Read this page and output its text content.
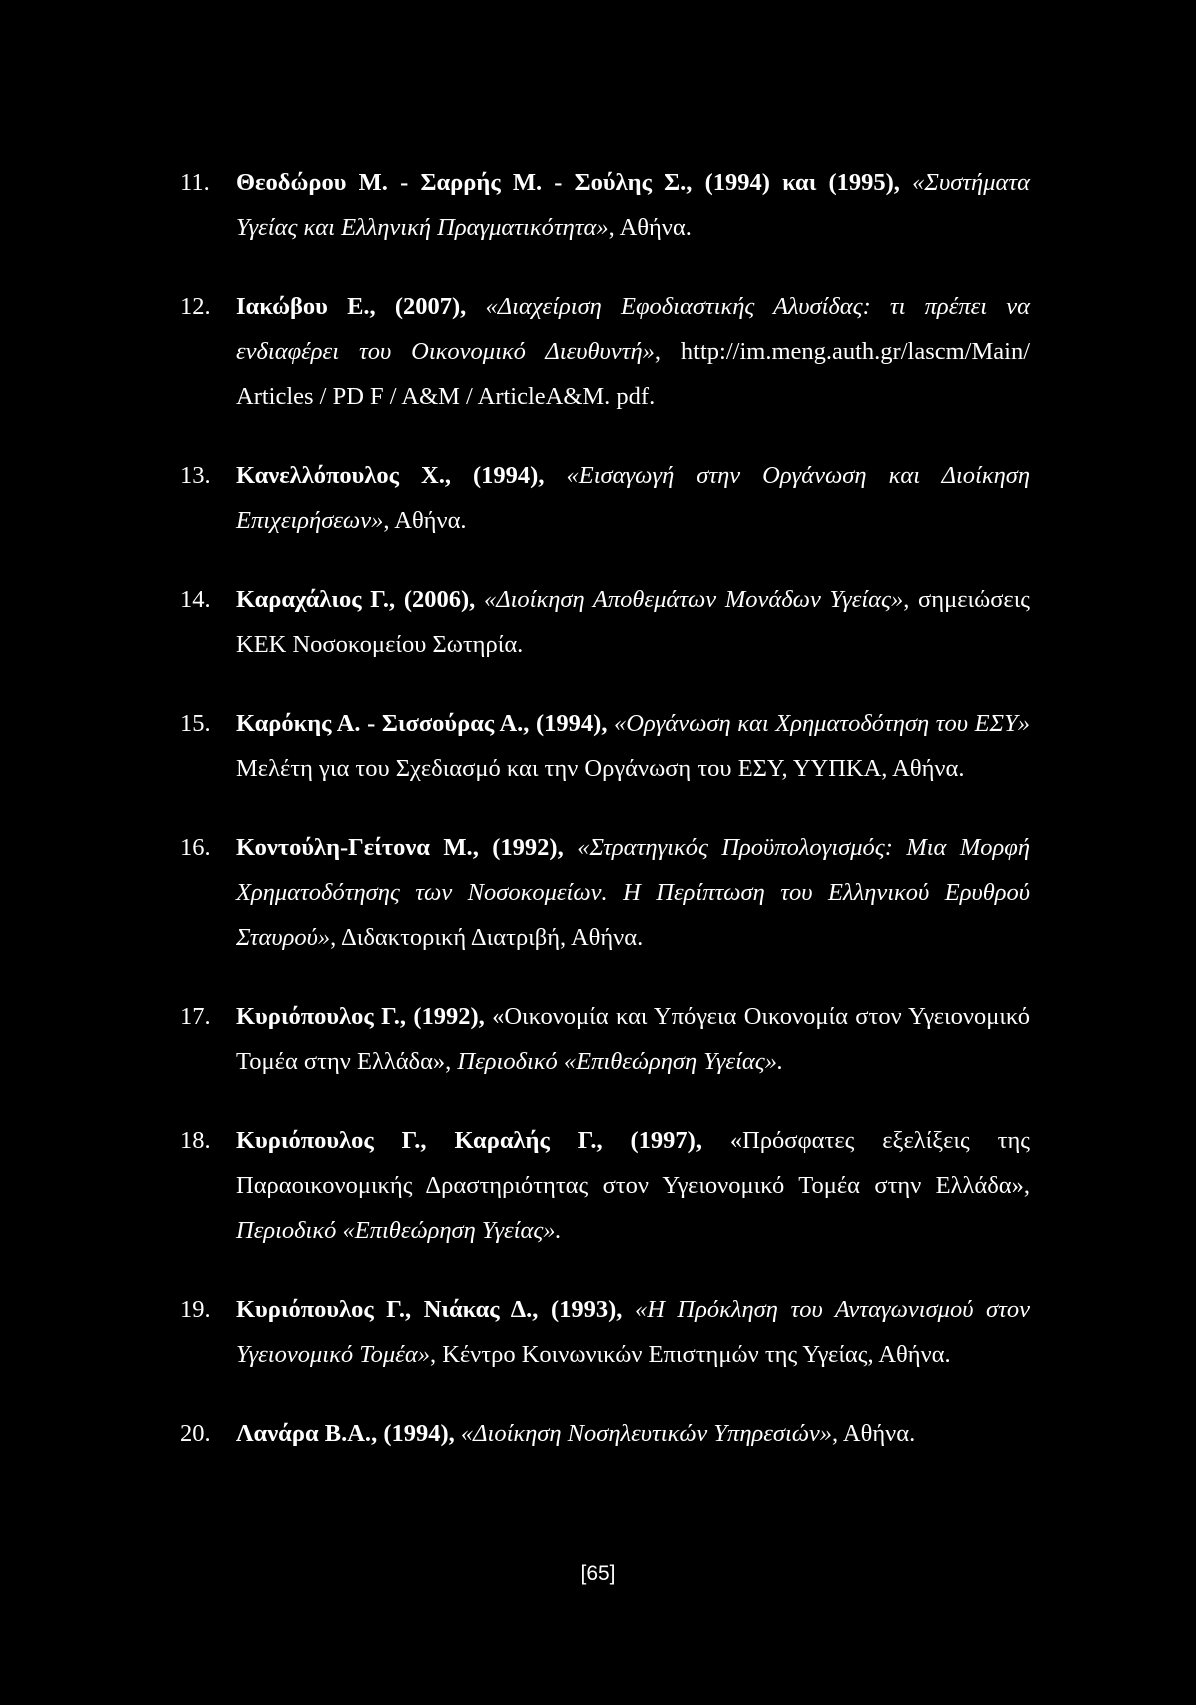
11.	Θεοδώρου Μ. - Σαρρής Μ. - Σούλης Σ., (1994) και (1995), «Συστήματα Υγείας και Ελληνική Πραγματικότητα», Αθήνα.
12.	Ιακώβου Ε., (2007), «Διαχείριση Εφοδιαστικής Αλυσίδας: τι πρέπει να ενδιαφέρει του Οικονομικό Διευθυντή», http://im.meng.auth.gr/lascm/Main/ Articles / PD F / A&M / ArticleA&M. pdf.
13.	Κανελλόπουλος Χ., (1994), «Εισαγωγή στην Οργάνωση και Διοίκηση Επιχειρήσεων», Αθήνα.
14.	Καραχάλιος Γ., (2006), «Διοίκηση Αποθεμάτων Μονάδων Υγείας», σημειώσεις ΚΕΚ Νοσοκομείου Σωτηρία.
15.	Καρόκης Α. - Σισσούρας Α., (1994), «Οργάνωση και Χρηματοδότηση του ΕΣΥ» Μελέτη για του Σχεδιασμό και την Οργάνωση του ΕΣΥ, ΥΥΠΚΑ, Αθήνα.
16.	Κοντούλη-Γείτονα Μ., (1992), «Στρατηγικός Προϋπολογισμός: Μια Μορφή Χρηματοδότησης των Νοσοκομείων. Η Περίπτωση του Ελληνικού Ερυθρού Σταυρού», Διδακτορική Διατριβή, Αθήνα.
17.	Κυριόπουλος Γ., (1992), «Οικονομία και Υπόγεια Οικονομία στον Υγειονομικό Τομέα στην Ελλάδα», Περιοδικό «Επιθεώρηση Υγείας».
18.	Κυριόπουλος Γ., Καραλής Γ., (1997), «Πρόσφατες εξελίξεις της Παραοικονομικής Δραστηριότητας στον Υγειονομικό Τομέα στην Ελλάδα», Περιοδικό «Επιθεώρηση Υγείας».
19.	Κυριόπουλος Γ., Νιάκας Δ., (1993), «Η Πρόκληση του Ανταγωνισμού στον Υγειονομικό Τομέα», Κέντρο Κοινωνικών Επιστημών της Υγείας, Αθήνα.
20.	Λανάρα Β.Α., (1994), «Διοίκηση Νοσηλευτικών Υπηρεσιών», Αθήνα.
[65]
